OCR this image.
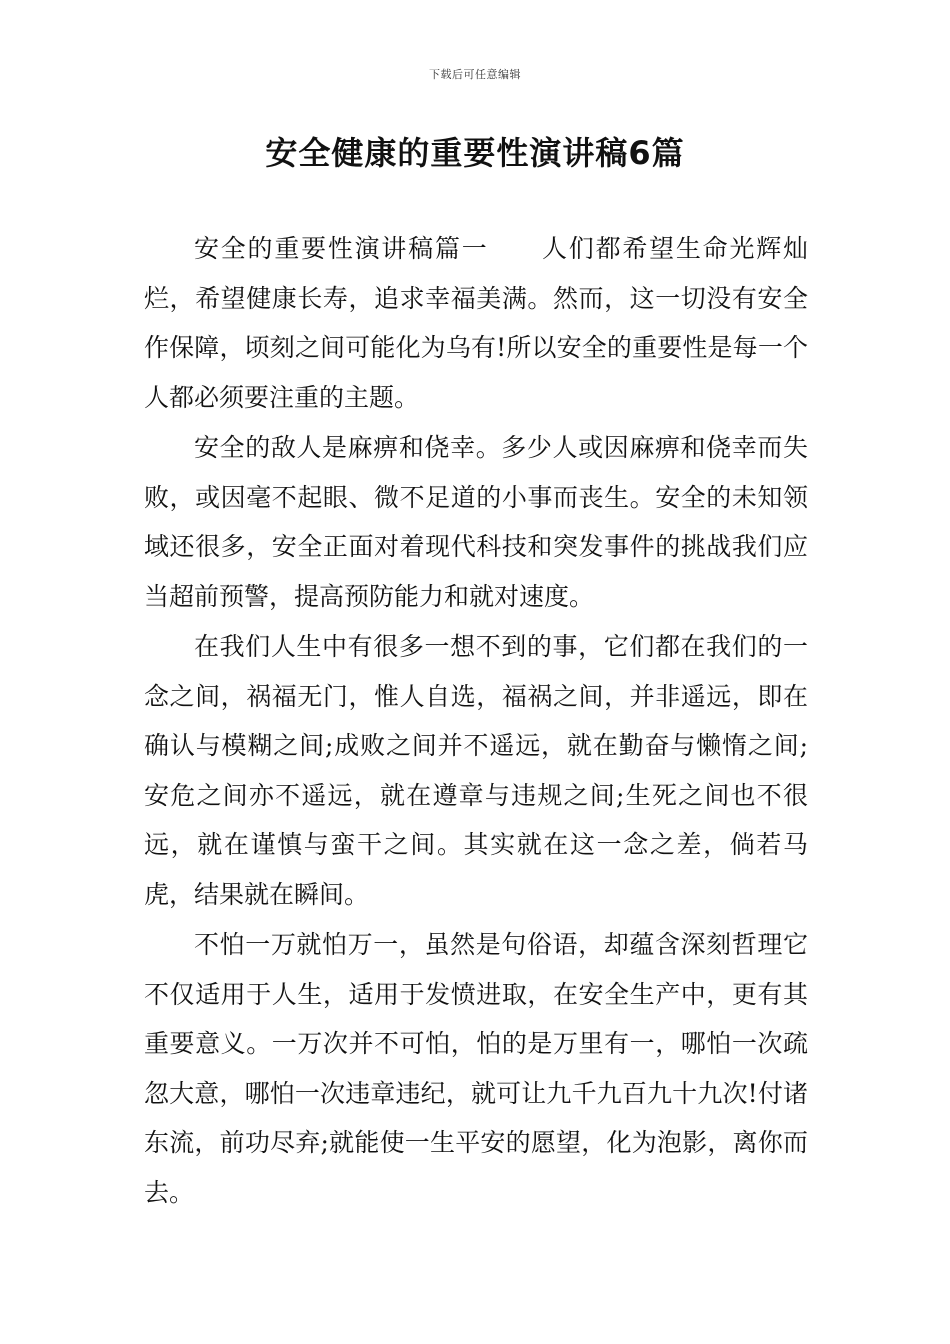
下载后可任意编辑
安全健康的重要性演讲稿6篇

安全的重要性演讲稿篇一　　人们都希望生命光辉灿烂，希望健康长寿，追求幸福美满。然而，这一切没有安全作保障，顷刻之间可能化为乌有!所以安全的重要性是每一个人都必须要注重的主题。

安全的敌人是麻痹和侥幸。多少人或因麻痹和侥幸而失败，或因毫不起眼、微不足道的小事而丧生。安全的未知领域还很多，安全正面对着现代科技和突发事件的挑战我们应当超前预警，提高预防能力和就对速度。

在我们人生中有很多一想不到的事，它们都在我们的一念之间，祸福无门，惟人自选，福祸之间，并非遥远，即在确认与模糊之间;成败之间并不遥远，就在勤奋与懒惰之间;安危之间亦不遥远，就在遵章与违规之间;生死之间也不很远，就在谨慎与蛮干之间。其实就在这一念之差，倘若马虎，结果就在瞬间。

不怕一万就怕万一，虽然是句俗语，却蕴含深刻哲理它不仅适用于人生，适用于发愤进取，在安全生产中，更有其重要意义。一万次并不可怕，怕的是万里有一，哪怕一次疏忽大意，哪怕一次违章违纪，就可让九千九百九十九次!付诸东流，前功尽弃;就能使一生平安的愿望，化为泡影，离你而去。
